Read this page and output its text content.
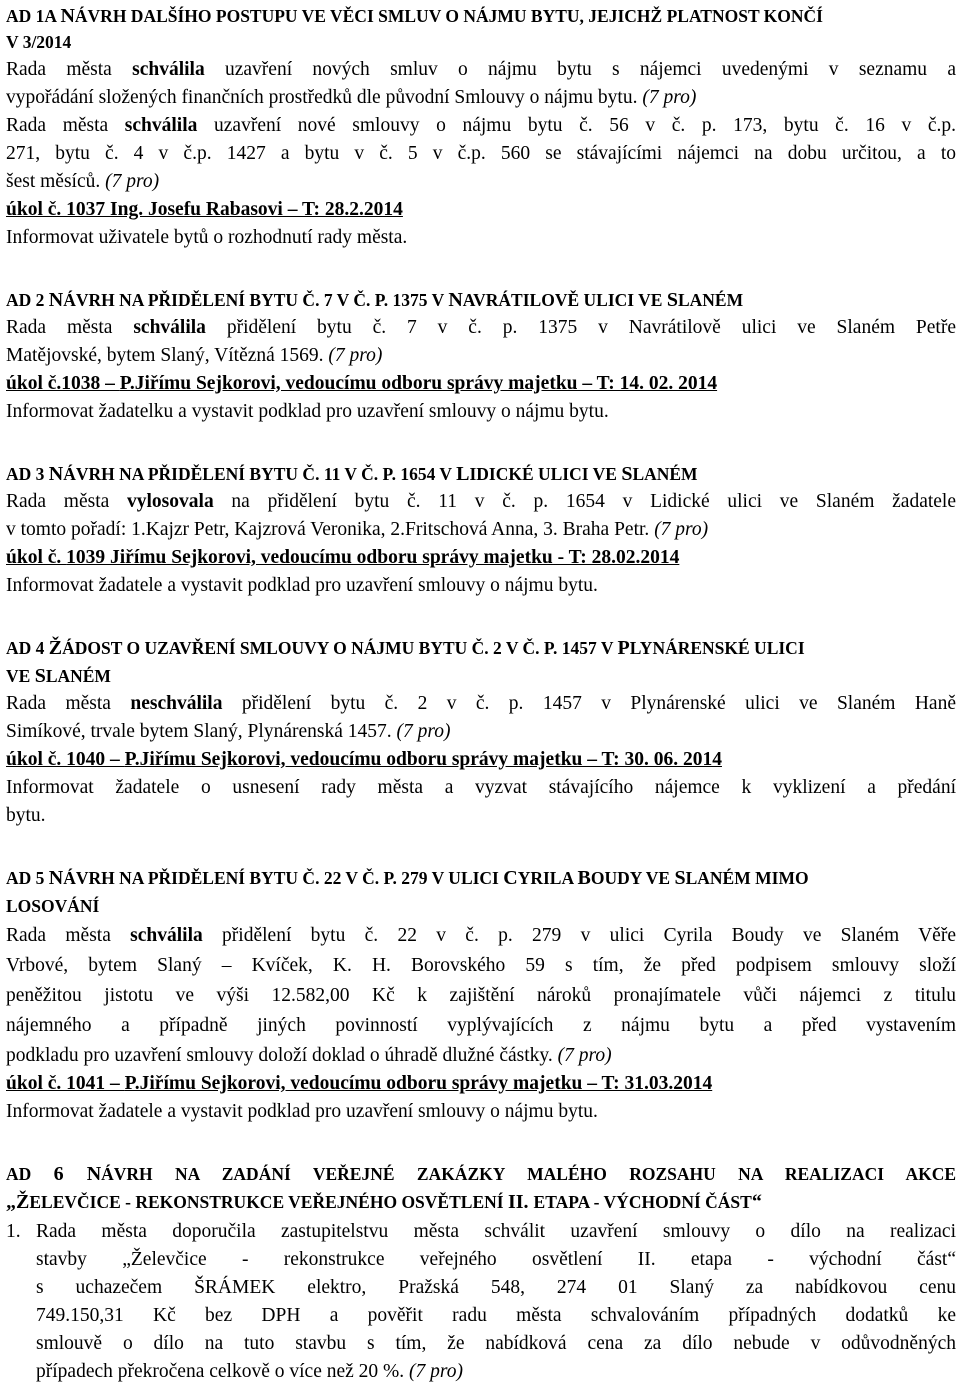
AD 1A NÁVRH DALŠÍHO POSTUPU VE VĚCI SMLUV O NÁJMU BYTU, JEJICHŽ PLATNOST KONČÍ
V 3/2014
Rada města schválila uzavření nových smluv o nájmu bytu s nájemci uvedenými v seznamu a
vypořádání složených finančních prostředků dle původní Smlouvy o nájmu bytu. (7 pro)
Rada města schválila uzavření nové smlouvy o nájmu bytu č. 56 v č. p. 173, bytu č. 16 v č.p.
271, bytu č. 4 v č.p. 1427 a bytu v č. 5 v č.p. 560 se stávajícími nájemci na dobu určitou, a to
šest měsíců. (7 pro)
úkol č. 1037 Ing. Josefu Rabasovi – T: 28.2.2014
Informovat uživatele bytů o rozhodnutí rady města.
AD 2 NÁVRH NA PŘIDĚLENÍ BYTU Č. 7 V Č. P. 1375 V NAVRÁTILOVĚ ULICI VE SLANÉM
Rada města schválila přidělení bytu č. 7 v č. p. 1375 v Navrátilově ulici ve Slaném Petře
Matějovské, bytem Slaný, Vítězná 1569. (7 pro)
úkol č.1038 – P.Jiřímu Sejkorovi, vedoucímu odboru správy majetku – T: 14. 02. 2014
Informovat žadatelku a vystavit podklad pro uzavření smlouvy o nájmu bytu.
AD 3 NÁVRH NA PŘIDĚLENÍ BYTU Č. 11 V Č. P. 1654 V LIDICKÉ ULICI VE SLANÉM
Rada města vylosovala na přidělení bytu č. 11 v č. p. 1654 v Lidické ulici ve Slaném žadatele
v tomto pořadí: 1.Kajzr Petr, Kajzrová Veronika, 2.Fritschová Anna, 3. Braha Petr. (7 pro)
úkol č. 1039 Jiřímu Sejkorovi, vedoucímu odboru správy majetku - T: 28.02.2014
Informovat žadatele a vystavit podklad pro uzavření smlouvy o nájmu bytu.
AD 4 ŽÁDOST O UZAVŘENÍ SMLOUVY O NÁJMU BYTU Č. 2 V Č. P. 1457 V PLYNÁRENSKÉ ULICI
VE SLANÉM
Rada města neschválila přidělení bytu č. 2 v č. p. 1457 v Plynárenské ulici ve Slaném Haně
Simíkové, trvale bytem Slaný, Plynárenská 1457. (7 pro)
úkol č. 1040 – P.Jiřímu Sejkorovi, vedoucímu odboru správy majetku – T: 30. 06. 2014
Informovat žadatele o usnesení rady města a vyzvat stávajícího nájemce k vyklizení a předání
bytu.
AD 5 NÁVRH NA PŘIDĚLENÍ BYTU Č. 22 V Č. P. 279 V ULICI CYRILA BOUDY VE SLANÉM MIMO
LOSOVÁNÍ
Rada města schválila přidělení bytu č. 22 v č. p. 279 v ulici Cyrila Boudy ve Slaném Věře
Vrbové, bytem Slaný – Kvíček, K. H. Borovského 59 s tím, že před podpisem smlouvy složí
peněžitou jistotu ve výši 12.582,00 Kč k zajištění nároků pronajímatele vůči nájemci z titulu
nájemného a případně jiných povinností vyplývajících z nájmu bytu a před vystavením
podkladu pro uzavření smlouvy doloží doklad o úhradě dlužné částky. (7 pro)
úkol č. 1041 – P.Jiřímu Sejkorovi, vedoucímu odboru správy majetku – T: 31.03.2014
Informovat žadatele a vystavit podklad pro uzavření smlouvy o nájmu bytu.
AD 6 NÁVRH NA ZADÁNÍ VEŘEJNÉ ZAKÁZKY MALÉHO ROZSAHU NA REALIZACI AKCE
„ŽELEVČICE - REKONSTRUKCE VEŘEJNÉHO OSVĚTLENÍ II. ETAPA - VÝCHODNÍ ČÁST“
1. Rada města doporučila zastupitelstvu města schválit uzavření smlouvy o dílo na realizaci
stavby „Želevčice - rekonstrukce veřejného osvětlení II. etapa - východní část“
s uchazečem ŠRÁMEK elektro, Pražská 548, 274 01 Slaný za nabídkovou cenu
749.150,31 Kč bez DPH a pověřit radu města schvalováním případných dodatků ke
smlouvě o dílo na tuto stavbu s tím, že nabídková cena za dílo nebude v odůvodněných
případech překročena celkově o více než 20 %. (7 pro)
